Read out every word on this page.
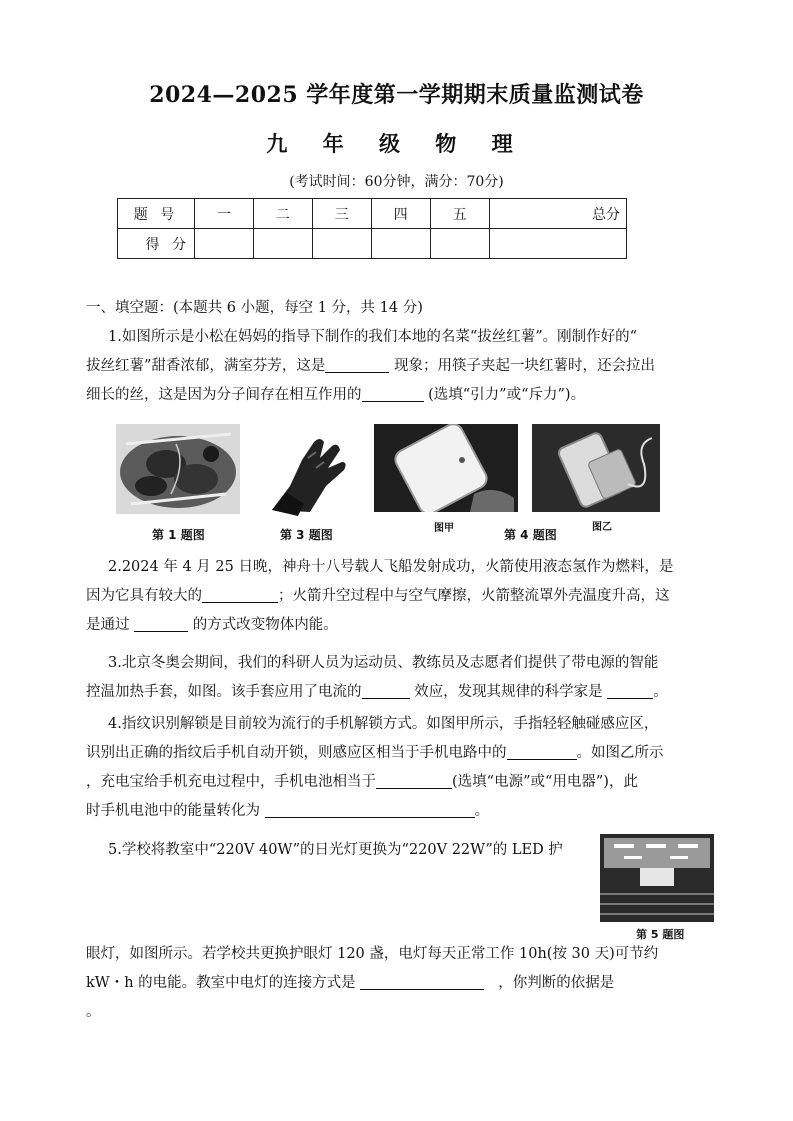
2024—2025 学年度第一学期期末质量监测试卷
九 年 级 物 理
(考试时间：60分钟，满分：70分)
题 号	一	二	三	四	五	总分
得 分						
一、填空题：(本题共 6 小题，每空 1 分，共 14 分)
1.如图所示是小松在妈妈的指导下制作的我们本地的名菜“拔丝红薯”。刚制作好的“
拔丝红薯”甜香浓郁，满室芬芳，这是	现象；用筷子夹起一块红薯时，还会拉出
细长的丝，这是因为分子间存在相互作用的	(选填“引力”或“斥力”)。
第 1 题图	第 3 题图	图甲	第 4 题图
图乙
2.2024 年 4 月 25 日晚，神舟十八号载人飞船发射成功，火箭使用液态氢作为燃料，是
因为它具有较大的	；火箭升空过程中与空气摩擦，火箭整流罩外壳温度升高，这
是通过	的方式改变物体内能。
3.北京冬奥会期间，我们的科研人员为运动员、教练员及志愿者们提供了带电源的智能
控温加热手套，如图。该手套应用了电流的	效应，发现其规律的科学家是	。
4.指纹识别解锁是目前较为流行的手机解锁方式。如图甲所示，手指轻轻触碰感应区，
识别出正确的指纹后手机自动开锁，则感应区相当于手机电路中的	。如图乙所示
，充电宝给手机充电过程中，手机电池相当于	(选填“电源”或“用电器”)，此
时手机电池中的能量转化为	。
5.学校将教室中“220V 40W”的日光灯更换为“220V 22W”的 LED 护
第 5 题图
眼灯，如图所示。若学校共更换护眼灯 120 盏，电灯每天正常工作 10h(按 30 天)可节约
kW・h 的电能。教室中电灯的连接方式是	，你判断的依据是
。
